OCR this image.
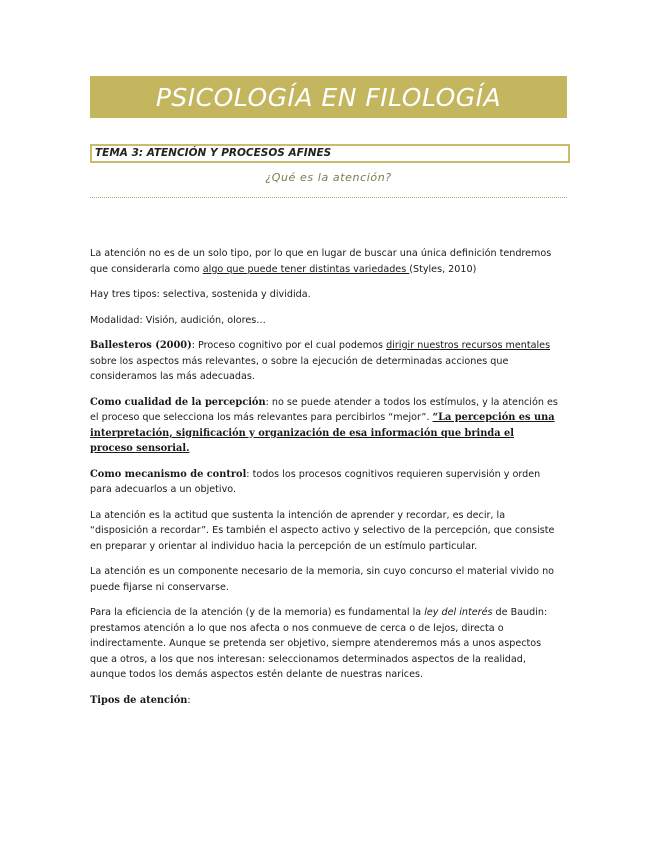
PSICOLOGÍA EN FILOLOGÍA
TEMA 3: ATENCIÓN Y PROCESOS AFINES
¿Qué es la atención?

La atención no es de un solo tipo, por lo que en lugar de buscar una única definición tendremos que considerarla como algo que puede tener distintas variedades (Styles, 2010)

Hay tres tipos: selectiva, sostenida y dividida.

Modalidad: Visión, audición, olores…

Ballesteros (2000): Proceso cognitivo por el cual podemos dirigir nuestros recursos mentales sobre los aspectos más relevantes, o sobre la ejecución de determinadas acciones que consideramos las más adecuadas.

Como cualidad de la percepción: no se puede atender a todos los estímulos, y la atención es el proceso que selecciona los más relevantes para percibirlos “mejor”. “La percepción es una interpretación, significación y organización de esa información que brinda el proceso sensorial.

Como mecanismo de control: todos los procesos cognitivos requieren supervisión y orden para adecuarlos a un objetivo.

La atención es la actitud que sustenta la intención de aprender y recordar, es decir, la “disposición a recordar”. Es también el aspecto activo y selectivo de la percepción, que consiste en preparar y orientar al individuo hacia la percepción de un estímulo particular.

La atención es un componente necesario de la memoria, sin cuyo concurso el material vivido no puede fijarse ni conservarse.

Para la eficiencia de la atención (y de la memoria) es fundamental la ley del interés de Baudin: prestamos atención a lo que nos afecta o nos conmueve de cerca o de lejos, directa o indirectamente. Aunque se pretenda ser objetivo, siempre atenderemos más a unos aspectos que a otros, a los que nos interesan: seleccionamos determinados aspectos de la realidad, aunque todos los demás aspectos estén delante de nuestras narices.

Tipos de atención:
